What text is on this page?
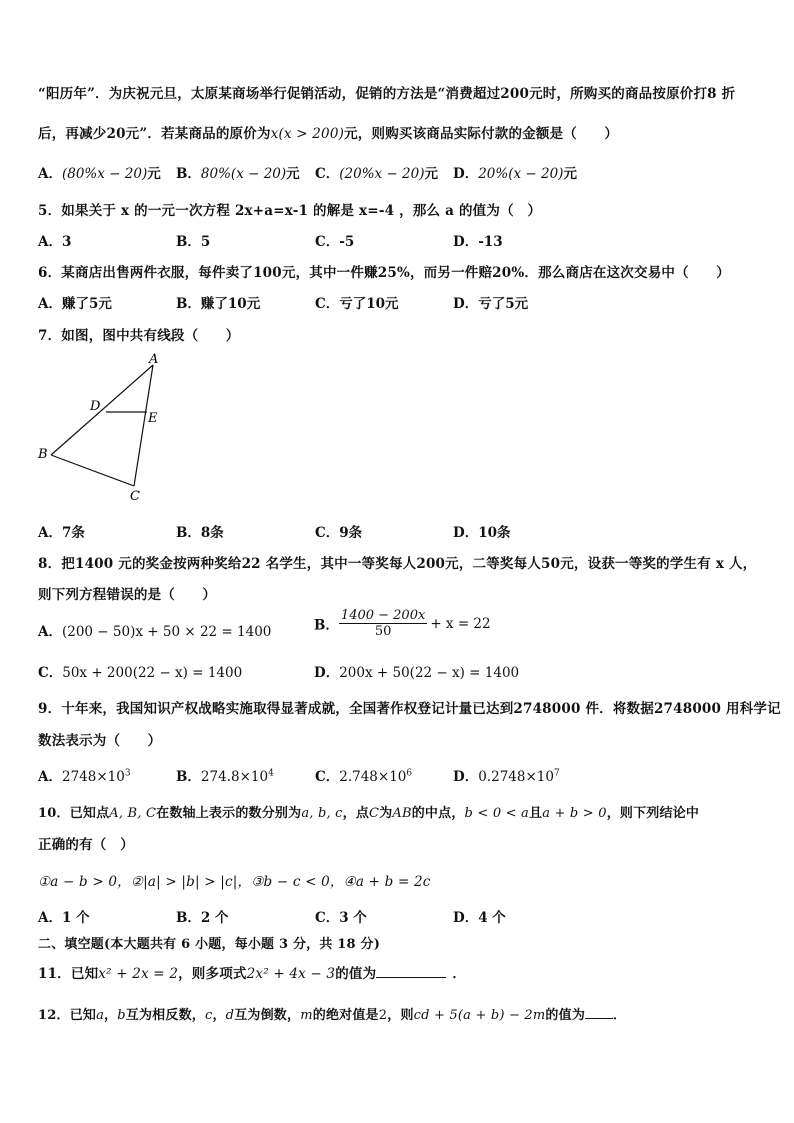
“阳历年”．为庆祝元旦，太原某商场举行促销活动，促销的方法是“消费超过200元时，所购买的商品按原价打8 折
后，再减少20元”．若某商品的原价为x(x > 200)元，则购买该商品实际付款的金额是（　　）
A．(80%x − 20)元 B．80%(x − 20)元 C．(20%x − 20)元 D．20%(x − 20)元
5．如果关于 x 的一元一次方程 2x+a=x-1 的解是 x=-4 ，那么 a 的值为（　）
A．3	B．5	C．-5	D．-13
6．某商店出售两件衣服，每件卖了100元，其中一件赚25%，而另一件赔20%．那么商店在这次交易中（　　）
A．赚了5元	B．赚了10元	C．亏了10元	D．亏了5元
7．如图，图中共有线段（　　）
A
D
E
B
C
A．7条	B．8条	C．9条	D．10条
8．把1400 元的奖金按两种奖给22 名学生，其中一等奖每人200元，二等奖每人50元，设获一等奖的学生有 x 人，
则下列方程错误的是（　　）
A．(200 − 50)x + 50 × 22 = 1400	B． $\frac{1400 - 200x}{50} + x = 22$
C．50x + 200(22 − x) = 1400	D．200x + 50(22 − x) = 1400
9．十年来，我国知识产权战略实施取得显著成就，全国著作权登记计量已达到2748000 件．将数据2748000 用科学记
数法表示为（　　）
A．$2748\times 10^3$	B．$274.8\times 10^4$	C．$2.748\times 10^6$	D．$0.2748\times 10^7$
10．已知点A, B, C在数轴上表示的数分别为a, b, c，点C为AB的中点，b < 0 < a且a + b > 0，则下列结论中
正确的有（　）
①a − b > 0，②|a| > |b| > |c|，③b − c < 0，④a + b = 2c
A．1 个	B．2 个	C．3 个	D．4 个
二、填空题(本大题共有 6 小题，每小题 3 分，共 18 分)
11．已知x² + 2x = 2，则多项式2x² + 4x − 3的值为	．
12．已知a，b互为相反数，c，d互为倒数，m的绝对值是2，则cd + 5(a + b) − 2m的值为 ．
